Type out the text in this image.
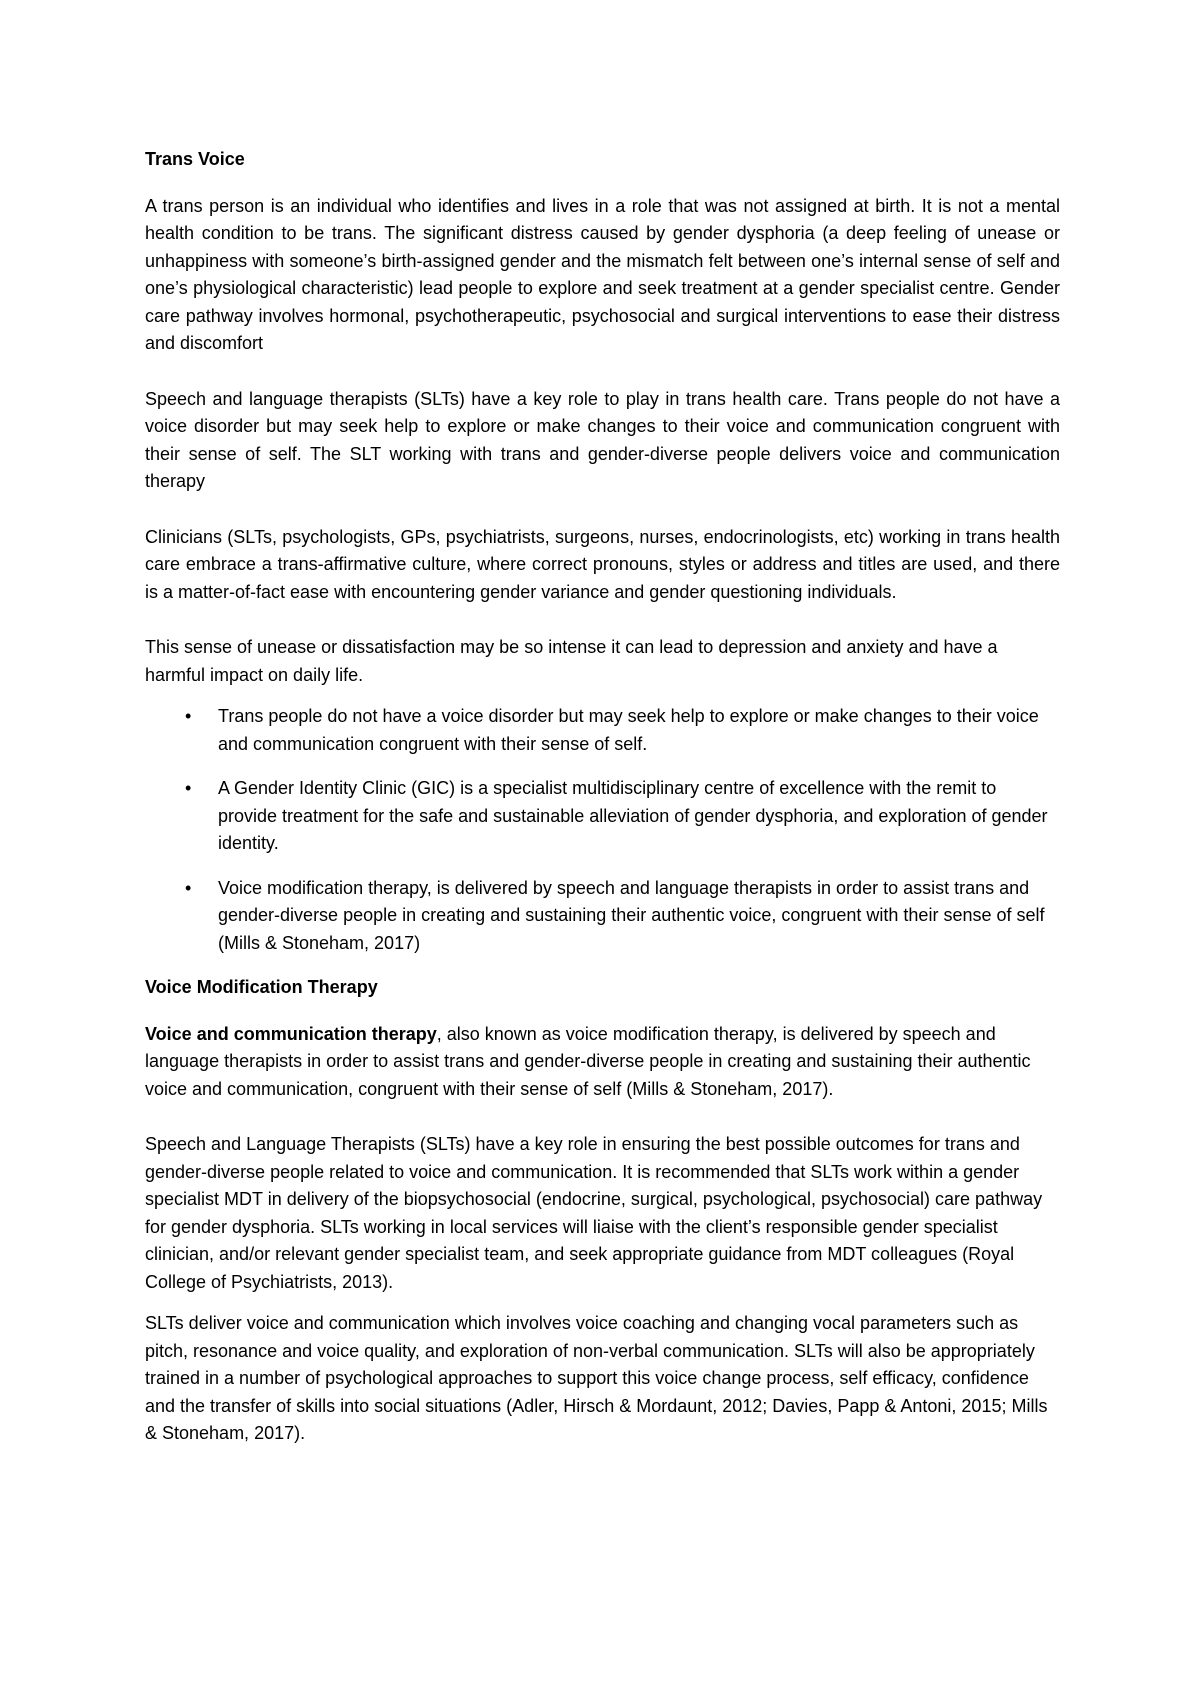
Trans Voice

A trans person is an individual who identifies and lives in a role that was not assigned at birth. It is not a mental health condition to be trans. The significant distress caused by gender dysphoria (a deep feeling of unease or unhappiness with someone’s birth-assigned gender and the mismatch felt between one’s internal sense of self and one’s physiological characteristic) lead people to explore and seek treatment at a gender specialist centre. Gender care pathway involves hormonal, psychotherapeutic, psychosocial and surgical interventions to ease their distress and discomfort

Speech and language therapists (SLTs) have a key role to play in trans health care. Trans people do not have a voice disorder but may seek help to explore or make changes to their voice and communication congruent with their sense of self. The SLT working with trans and gender-diverse people delivers voice and communication therapy

Clinicians (SLTs, psychologists, GPs, psychiatrists, surgeons, nurses, endocrinologists, etc) working in trans health care embrace a trans-affirmative culture, where correct pronouns, styles or address and titles are used, and there is a matter-of-fact ease with encountering gender variance and gender questioning individuals.

This sense of unease or dissatisfaction may be so intense it can lead to depression and anxiety and have a harmful impact on daily life.

• Trans people do not have a voice disorder but may seek help to explore or make changes to their voice and communication congruent with their sense of self.
• A Gender Identity Clinic (GIC) is a specialist multidisciplinary centre of excellence with the remit to provide treatment for the safe and sustainable alleviation of gender dysphoria, and exploration of gender identity.
• Voice modification therapy, is delivered by speech and language therapists in order to assist trans and gender-diverse people in creating and sustaining their authentic voice, congruent with their sense of self (Mills & Stoneham, 2017)
Voice Modification Therapy

Voice and communication therapy, also known as voice modification therapy, is delivered by speech and language therapists in order to assist trans and gender-diverse people in creating and sustaining their authentic voice and communication, congruent with their sense of self (Mills & Stoneham, 2017).

Speech and Language Therapists (SLTs) have a key role in ensuring the best possible outcomes for trans and gender-diverse people related to voice and communication. It is recommended that SLTs work within a gender specialist MDT in delivery of the biopsychosocial (endocrine, surgical, psychological, psychosocial) care pathway for gender dysphoria. SLTs working in local services will liaise with the client’s responsible gender specialist clinician, and/or relevant gender specialist team, and seek appropriate guidance from MDT colleagues (Royal College of Psychiatrists, 2013).

SLTs deliver voice and communication which involves voice coaching and changing vocal parameters such as pitch, resonance and voice quality, and exploration of non-verbal communication. SLTs will also be appropriately trained in a number of psychological approaches to support this voice change process, self efficacy, confidence and the transfer of skills into social situations (Adler, Hirsch & Mordaunt, 2012; Davies, Papp & Antoni, 2015; Mills & Stoneham, 2017).
